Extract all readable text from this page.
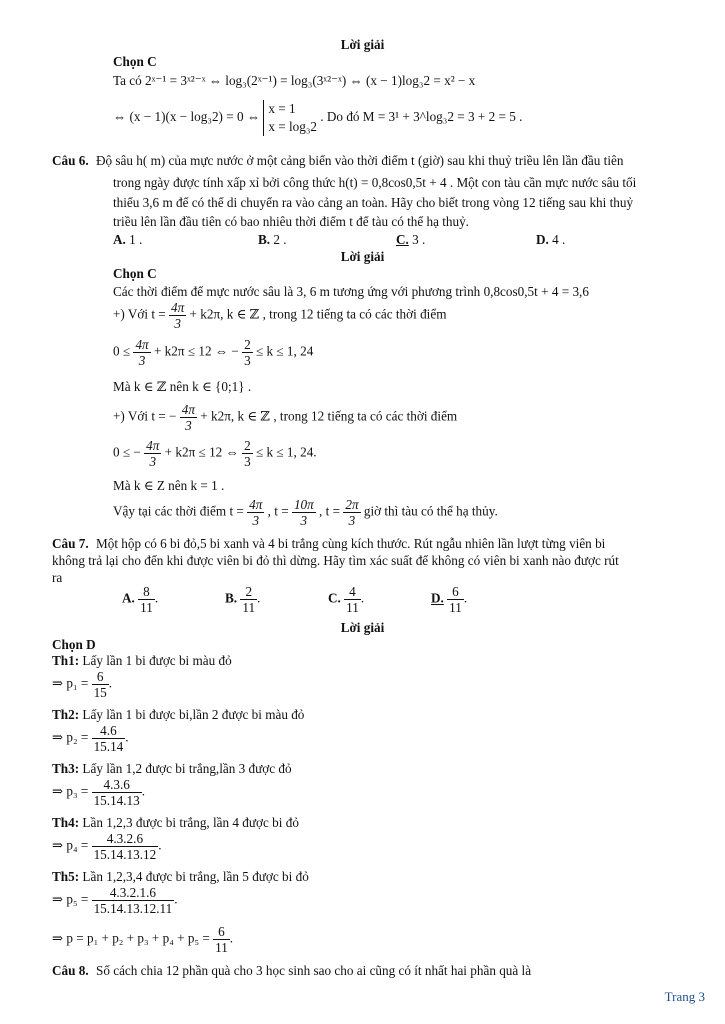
Lời giải
Chọn C
Ta có 2ˣ⁻¹ = 3ˣ²⁻ˣ ⇔ log₃(2ˣ⁻¹) = log₃(3ˣ²⁻ˣ) ⇔ (x − 1)log₃2 = x² − x
⇔ (x − 1)(x − log₃2) = 0 ⇔
x = 1
x = log₃2
. Do đó M = 3¹ + 3^log₃2 = 3 + 2 = 5 .
Câu 6. Độ sâu h( m) của mực nước ở một cảng biển vào thời điểm t (giờ) sau khi thuỷ triều lên lần đầu tiên
trong ngày được tính xấp xỉ bởi công thức h(t) = 0,8cos0,5t + 4 . Một con tàu cần mực nước sâu tối
thiểu 3,6 m để có thể di chuyển ra vào cảng an toàn. Hãy cho biết trong vòng 12 tiếng sau khi thuỷ
triều lên lần đầu tiên có bao nhiêu thời điểm t để tàu có thể hạ thuỷ.
A. 1 .	B. 2 .	C. 3 .	D. 4 .
Lời giải
Chọn C
Các thời điểm để mực nước sâu là 3, 6 m tương ứng với phương trình 0,8cos0,5t + 4 = 3,6
+) Với $t = \frac{4\pi}{3} + k2\pi$, k ∈ ℤ , trong 12 tiếng ta có các thời điểm
$0 \le \frac{4\pi}{3} + k2\pi \le 12$ ⇔ − $\frac{2}{3} \le k \le 1$, 24
Mà k ∈ ℤ nên k ∈ {0;1} .
+) Với t = − $\frac{4\pi}{3} + k2\pi$, k ∈ ℤ , trong 12 tiếng ta có các thời điểm
0 ≤ − $\frac{4\pi}{3} + k2\pi \le 12$ ⇔ $\frac{2}{3} \le k \le 1$, 24.
Mà k ∈ Z nên k = 1 .
Vậy tại các thời điểm $t = \frac{4\pi}{3}$ , $t = \frac{10\pi}{3}$ , $t = \frac{2\pi}{3}$ giờ thì tàu có thể hạ thủy.
Câu 7. Một hộp có 6 bi đỏ,5 bi xanh và 4 bi trắng cùng kích thước. Rút ngẫu nhiên lần lượt từng viên bi
không trả lại cho đến khi được viên bi đỏ thì dừng. Hãy tìm xác suất để không có viên bi xanh nào được rút
ra
A. $\frac{8}{11}$ .	B. $\frac{2}{11}$ .	C. $\frac{4}{11}$ .	D. $\frac{6}{11}$ .
Lời giải
Chọn D
Th1: Lấy lần 1 bi được bi màu đỏ
⇒ $p_1 = \frac{6}{15}$ .
Th2: Lấy lần 1 bi được bi,lần 2 được bi màu đỏ
⇒ $p_2 = \frac{4.6}{15.14}$ .
Th3: Lấy lần 1,2 được bi trắng,lần 3 được đỏ
⇒ $p_3 = \frac{4.3.6}{15.14.13}$ .
Th4: Lần 1,2,3 được bi trắng, lần 4 được bi đỏ
⇒ $p_4 = \frac{4.3.2.6}{15.14.13.12}$ .
Th5: Lần 1,2,3,4 được bi trắng, lần 5 được bi đỏ
⇒ $p_5 = \frac{4.3.2.1.6}{15.14.13.12.11}$ .
⇒ $p = p_1 + p_2 + p_3 + p_4 + p_5 = \frac{6}{11}$ .
Câu 8. Số cách chia 12 phần quà cho 3 học sinh sao cho ai cũng có ít nhất hai phần quà là
Trang 3
